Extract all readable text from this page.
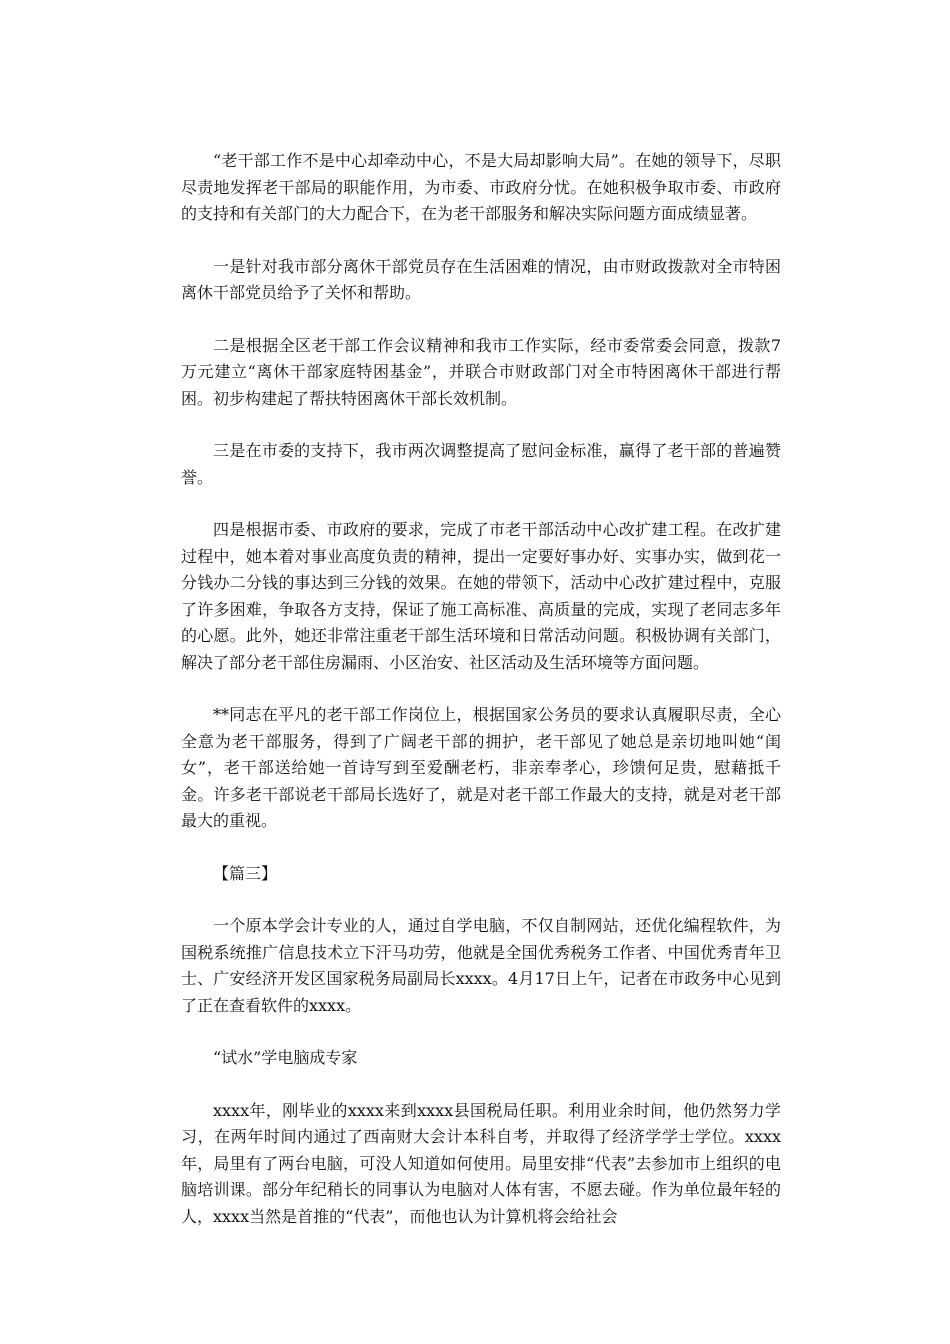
“老干部工作不是中心却牵动中心，不是大局却影响大局”。在她的领导下，尽职尽责地发挥老干部局的职能作用，为市委、市政府分忧。在她积极争取市委、市政府的支持和有关部门的大力配合下，在为老干部服务和解决实际问题方面成绩显著。

一是针对我市部分离休干部党员存在生活困难的情况，由市财政拨款对全市特困离休干部党员给予了关怀和帮助。

二是根据全区老干部工作会议精神和我市工作实际，经市委常委会同意，拨款7万元建立“离休干部家庭特困基金”，并联合市财政部门对全市特困离休干部进行帮困。初步构建起了帮扶特困离休干部长效机制。

三是在市委的支持下，我市两次调整提高了慰问金标准，赢得了老干部的普遍赞誉。

四是根据市委、市政府的要求，完成了市老干部活动中心改扩建工程。在改扩建过程中，她本着对事业高度负责的精神，提出一定要好事办好、实事办实，做到花一分钱办二分钱的事达到三分钱的效果。在她的带领下，活动中心改扩建过程中，克服了许多困难，争取各方支持，保证了施工高标准、高质量的完成，实现了老同志多年的心愿。此外，她还非常注重老干部生活环境和日常活动问题。积极协调有关部门，解决了部分老干部住房漏雨、小区治安、社区活动及生活环境等方面问题。

**同志在平凡的老干部工作岗位上，根据国家公务员的要求认真履职尽责，全心全意为老干部服务，得到了广阔老干部的拥护，老干部见了她总是亲切地叫她“闺女”，老干部送给她一首诗写到至爱酬老朽，非亲奉孝心，珍馈何足贵，慰藉抵千金。许多老干部说老干部局长选好了，就是对老干部工作最大的支持，就是对老干部最大的重视。

【篇三】

一个原本学会计专业的人，通过自学电脑，不仅自制网站，还优化编程软件，为国税系统推广信息技术立下汗马功劳，他就是全国优秀税务工作者、中国优秀青年卫士、广安经济开发区国家税务局副局长xxxx。4月17日上午，记者在市政务中心见到了正在查看软件的xxxx。

“试水”学电脑成专家

xxxx年，刚毕业的xxxx来到xxxx县国税局任职。利用业余时间，他仍然努力学习，在两年时间内通过了西南财大会计本科自考，并取得了经济学学士学位。xxxx年，局里有了两台电脑，可没人知道如何使用。局里安排“代表”去参加市上组织的电脑培训课。部分年纪稍长的同事认为电脑对人体有害，不愿去碰。作为单位最年轻的人，xxxx当然是首推的“代表”，而他也认为计算机将会给社会
